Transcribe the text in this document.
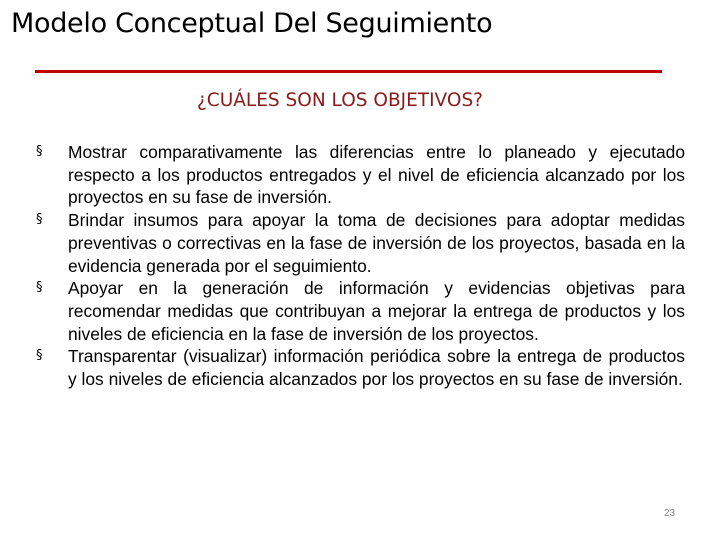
Modelo Conceptual Del Seguimiento
¿CUÁLES SON LOS OBJETIVOS?
§ Mostrar comparativamente las diferencias entre lo planeado y ejecutado respecto a los productos entregados y el nivel de eficiencia alcanzado por los proyectos en su fase de inversión.
§ Brindar insumos para apoyar la toma de decisiones para adoptar medidas preventivas o correctivas en la fase de inversión de los proyectos, basada en la evidencia generada por el seguimiento.
§ Apoyar en la generación de información y evidencias objetivas para recomendar medidas que contribuyan a mejorar la entrega de productos y los niveles de eficiencia en la fase de inversión de los proyectos.
§ Transparentar (visualizar) información periódica sobre la entrega de productos y los niveles de eficiencia alcanzados por los proyectos en su fase de inversión.
23
